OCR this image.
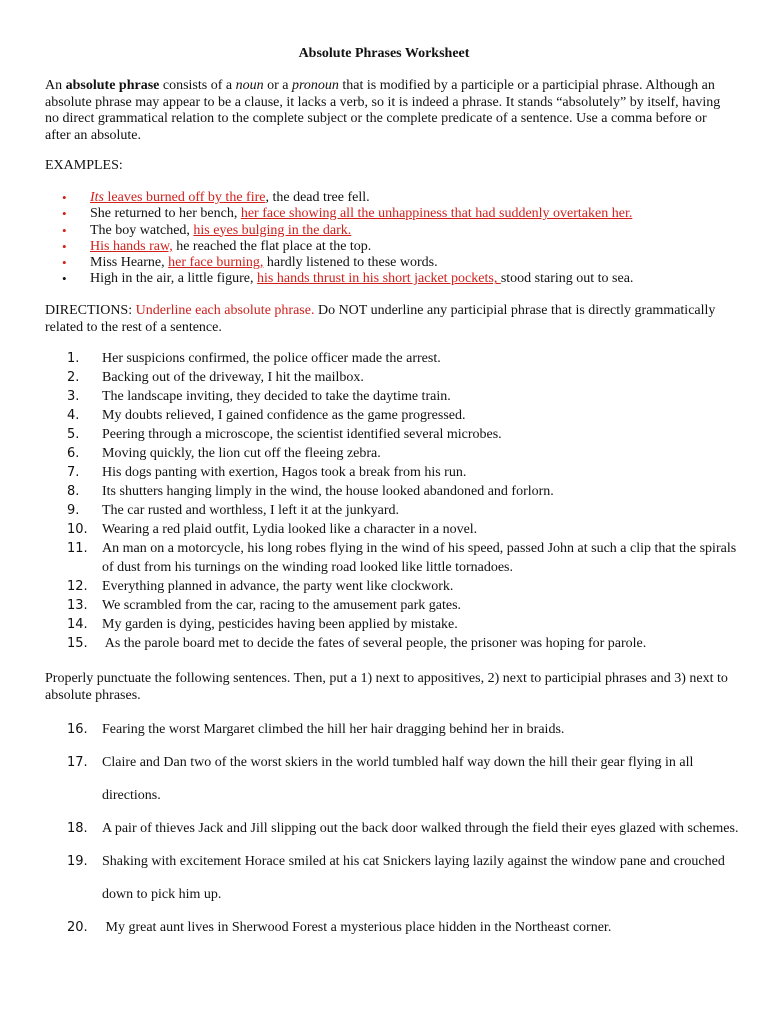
Absolute Phrases Worksheet
An absolute phrase consists of a noun or a pronoun that is modified by a participle or a participial phrase. Although an absolute phrase may appear to be a clause, it lacks a verb, so it is indeed a phrase. It stands “absolutely” by itself, having no direct grammatical relation to the complete subject or the complete predicate of a sentence. Use a comma before or after an absolute.
EXAMPLES:
• Its leaves burned off by the fire, the dead tree fell.
• She returned to her bench, her face showing all the unhappiness that had suddenly overtaken her.
• The boy watched, his eyes bulging in the dark.
• His hands raw, he reached the flat place at the top.
• Miss Hearne, her face burning, hardly listened to these words.
• High in the air, a little figure, his hands thrust in his short jacket pockets, stood staring out to sea.
DIRECTIONS: Underline each absolute phrase. Do NOT underline any participial phrase that is directly grammatically related to the rest of a sentence.
1. Her suspicions confirmed, the police officer made the arrest.
2. Backing out of the driveway, I hit the mailbox.
3. The landscape inviting, they decided to take the daytime train.
4. My doubts relieved, I gained confidence as the game progressed.
5. Peering through a microscope, the scientist identified several microbes.
6. Moving quickly, the lion cut off the fleeing zebra.
7. His dogs panting with exertion, Hagos took a break from his run.
8. Its shutters hanging limply in the wind, the house looked abandoned and forlorn.
9. The car rusted and worthless, I left it at the junkyard.
10. Wearing a red plaid outfit, Lydia looked like a character in a novel.
11. An man on a motorcycle, his long robes flying in the wind of his speed, passed John at such a clip that the spirals
of dust from his turnings on the winding road looked like little tornadoes.
12. Everything planned in advance, the party went like clockwork.
13. We scrambled from the car, racing to the amusement park gates.
14. My garden is dying, pesticides having been applied by mistake.
15. As the parole board met to decide the fates of several people, the prisoner was hoping for parole.
Properly punctuate the following sentences. Then, put a 1) next to appositives, 2) next to participial phrases and 3) next to absolute phrases.
16. Fearing the worst Margaret climbed the hill her hair dragging behind her in braids.
17. Claire and Dan two of the worst skiers in the world tumbled half way down the hill their gear flying in all
directions.
18. A pair of thieves Jack and Jill slipping out the back door walked through the field their eyes glazed with schemes.
19. Shaking with excitement Horace smiled at his cat Snickers laying lazily against the window pane and crouched
down to pick him up.
20. My great aunt lives in Sherwood Forest a mysterious place hidden in the Northeast corner.
